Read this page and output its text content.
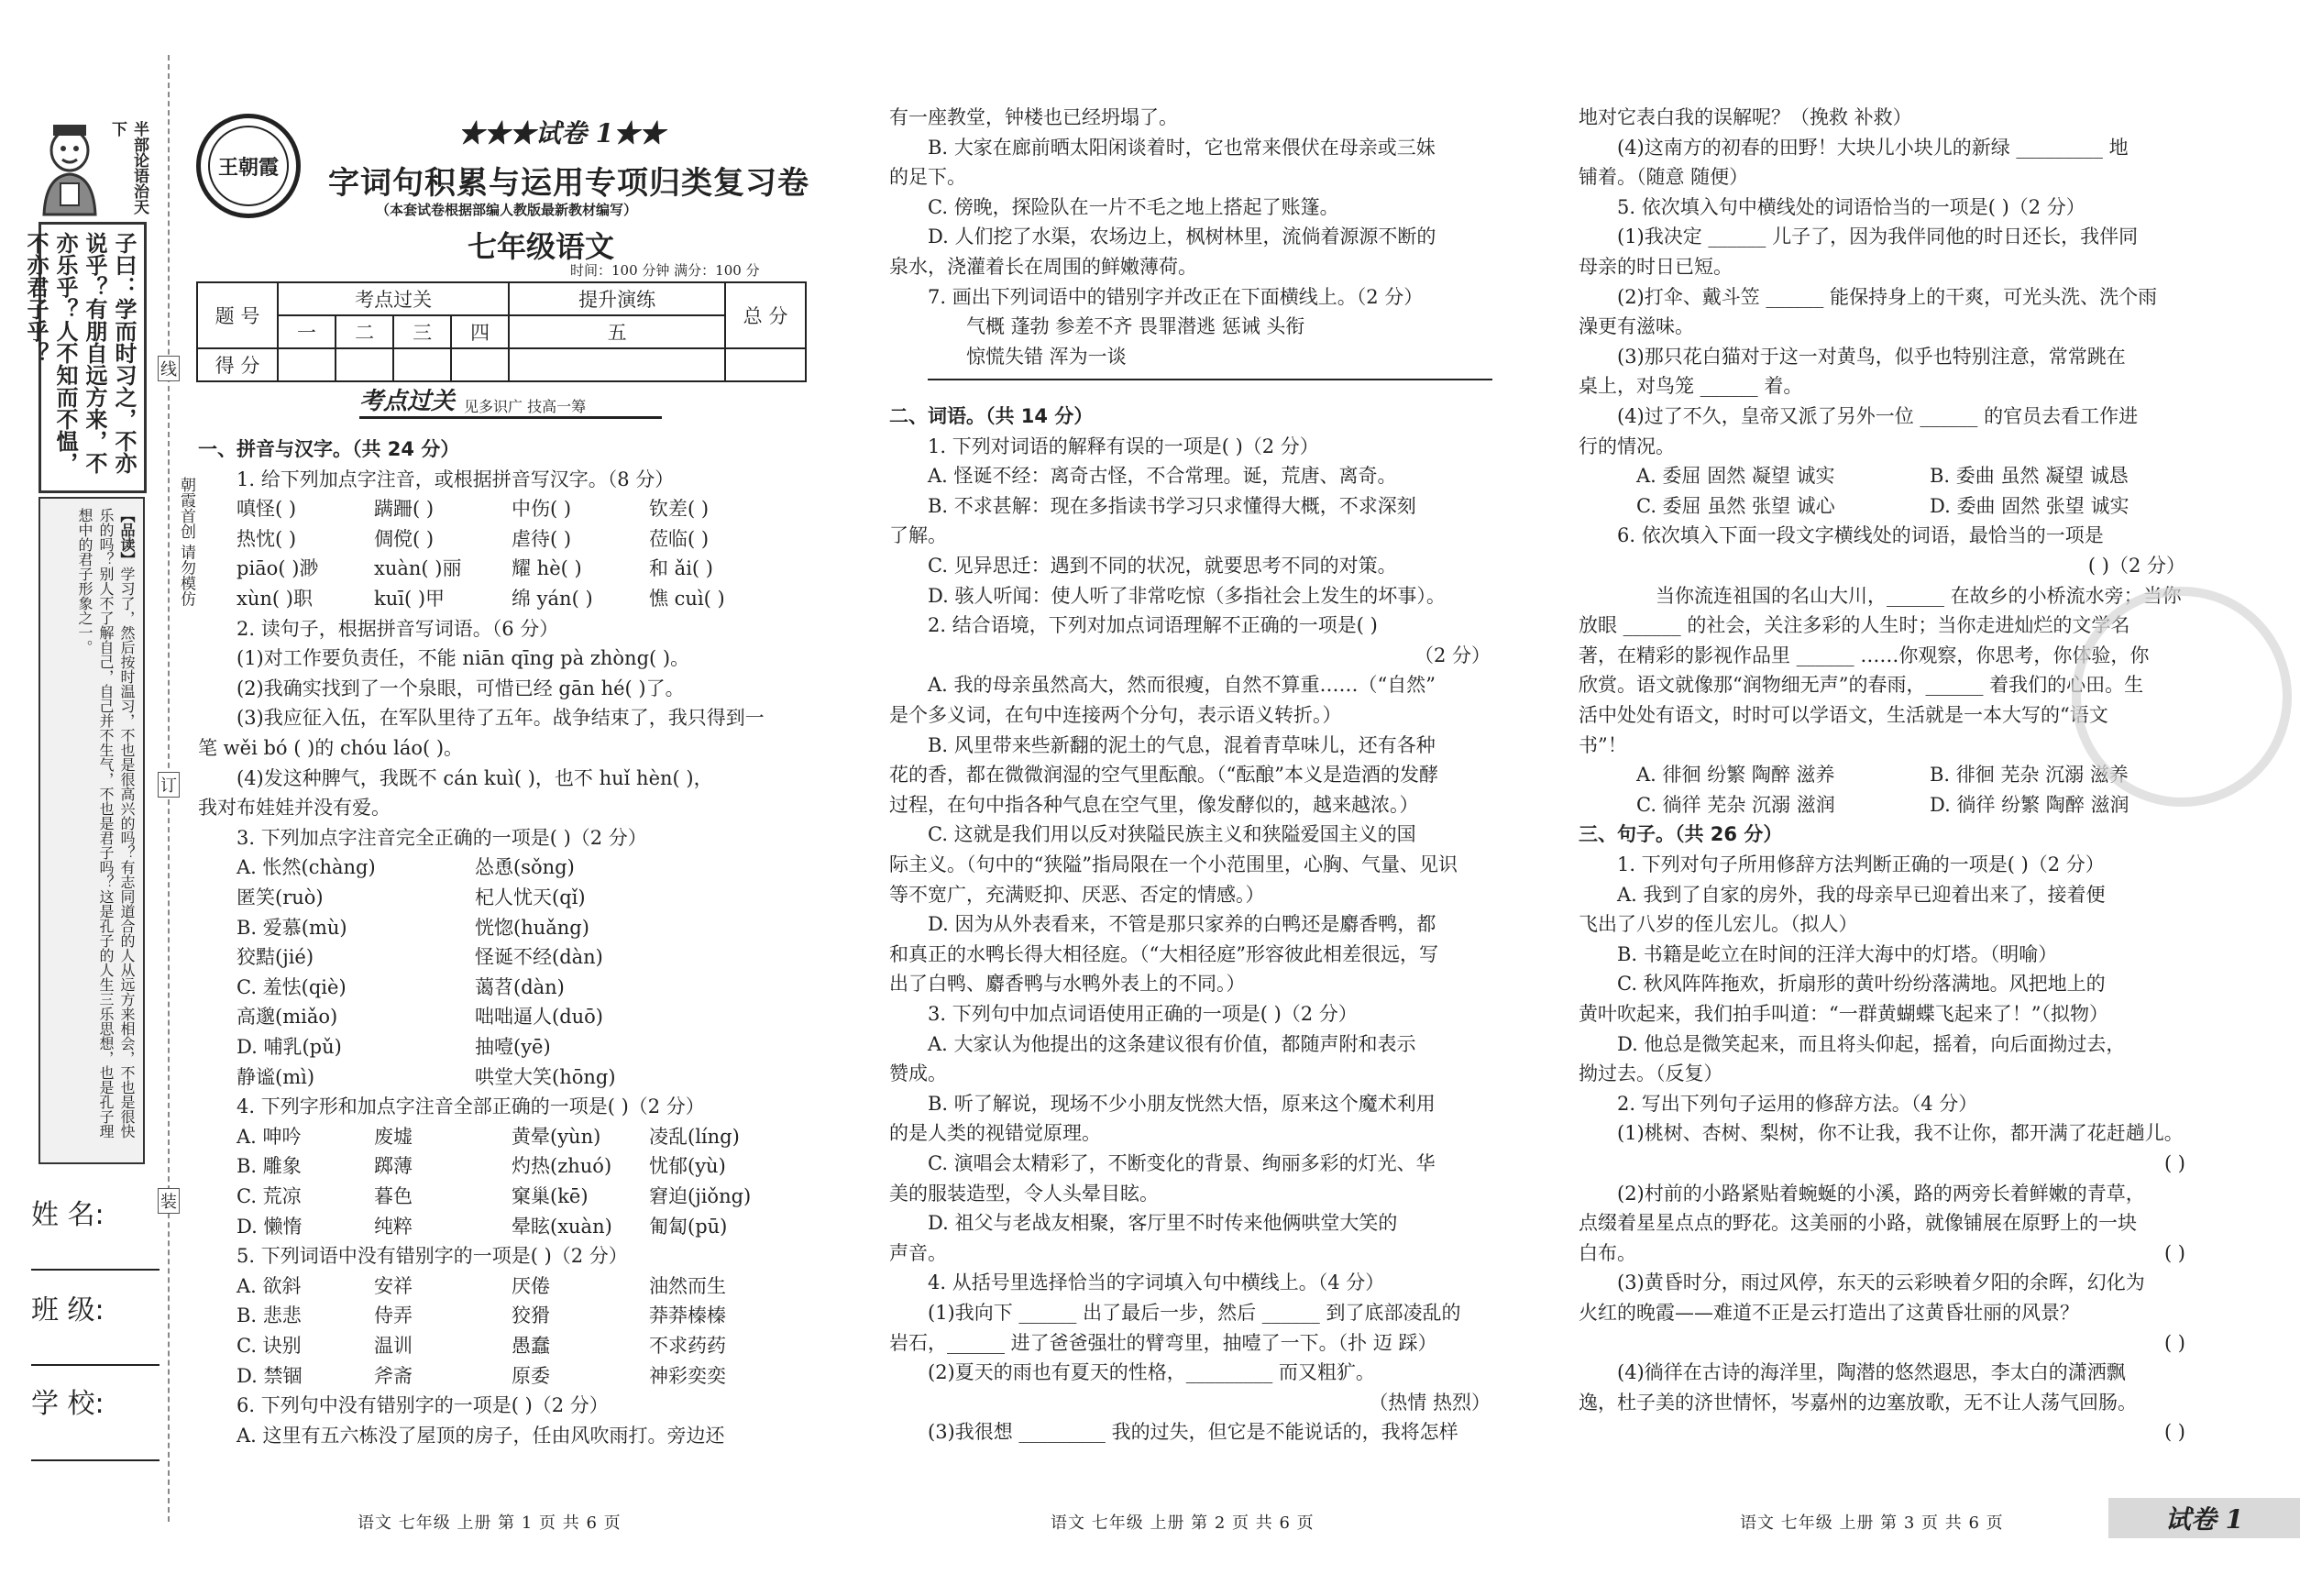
半部论语治天下
子曰：学而时习之，不亦说乎？有朋自远方来，不亦乐乎？人不知而不愠，不亦君子乎？
【品读】学习了，然后按时温习，不也是很高兴的吗？有志同道合的人从远方来相会，不也是很快乐的吗？别人不了解自己，自己并不生气，不也是君子吗？这是孔子的人生三乐思想，也是孔子理想中的君子形象之一。	朝霞首创 请勿模仿
线
订
装
姓 名:
班 级:
学 校:
王朝霞
★★★试卷 1★★
字词句积累与运用专项归类复习卷
（本套试卷根据部编人教版最新教材编写）
七年级语文
时间：100 分钟 满分：100 分
题 号	考点过关				提升演练	总 分
	一	二	三	四	五	
得 分						
考点过关 见多识广 技高一筹
一、拼音与汉字。（共 24 分）
1. 给下列加点字注音，或根据拼音写汉字。（8 分）
嗔怪( )	蹒跚( )	中伤( )	钦差( )
热忱( )	倜傥( )	虐待( )	莅临( )
piāo( )渺	xuàn( )丽	耀 hè( )	和 ǎi( )
xùn( )职	kuī( )甲	绵 yán( )	憔 cuì( )
2. 读句子，根据拼音写词语。（6 分）
(1)对工作要负责任，不能 niān qīng pà zhòng( )。
(2)我确实找到了一个泉眼，可惜已经 gān hé( )了。
(3)我应征入伍，在军队里待了五年。战争结束了，我只得到一
笔 wěi bó ( )的 chóu láo( )。
(4)发这种脾气，我既不 cán kuì( )，也不 huǐ hèn( )，
我对布娃娃并没有爱。
3. 下列加点字注音完全正确的一项是( )（2 分）
A. 怅然(chàng)	怂恿(sǒng)
匿笑(ruò)	杞人忧天(qǐ)
B. 爱慕(mù)	恍惚(huǎng)
狡黠(jié)	怪诞不经(dàn)
C. 羞怯(qiè)	蔼苕(dàn)
高邈(miǎo)	咄咄逼人(duō)
D. 哺乳(pǔ)	抽噎(yē)
静谧(mì)	哄堂大笑(hōng)
4. 下列字形和加点字注音全部正确的一项是( )（2 分）
A. 呻吟	废墟	黄晕(yùn)	凌乱(líng)
B. 雕象	踯薄	灼热(zhuó)	忧郁(yù)
C. 荒凉	暮色	窠巢(kē)	窘迫(jiǒng)
D. 懒惰	纯粹	晕眩(xuàn)	匍匐(pū)
5. 下列词语中没有错别字的一项是( )（2 分）
A. 欲斜	安祥	厌倦	油然而生
B. 悲悲	侍弄	狡猾	莽莽榛榛
C. 诀别	温训	愚蠢	不求药药
D. 禁锢	斧斋	原委	神彩奕奕
6. 下列句中没有错别字的一项是( )（2 分）
A. 这里有五六栋没了屋顶的房子，任由风吹雨打。旁边还
有一座教堂，钟楼也已经坍塌了。
B. 大家在廊前晒太阳闲谈着时，它也常来偎伏在母亲或三妹
的足下。
C. 傍晚，探险队在一片不毛之地上搭起了账篷。
D. 人们挖了水渠，农场边上，枫树林里，流倘着源源不断的
泉水，浇灌着长在周围的鲜嫩薄荷。
7. 画出下列词语中的错别字并改正在下面横线上。（2 分）
气概 蓬勃 参差不齐 畏罪潜逃 惩诫 头衔
惊慌失错 浑为一谈
二、词语。（共 14 分）
1. 下列对词语的解释有误的一项是( )（2 分）
A. 怪诞不经：离奇古怪，不合常理。诞，荒唐、离奇。
B. 不求甚解：现在多指读书学习只求懂得大概，不求深刻
了解。
C. 见异思迁：遇到不同的状况，就要思考不同的对策。
D. 骇人听闻：使人听了非常吃惊（多指社会上发生的坏事）。
2. 结合语境，下列对加点词语理解不正确的一项是( )
（2 分）
A. 我的母亲虽然高大，然而很瘦，自然不算重……（“自然”
是个多义词，在句中连接两个分句，表示语义转折。）
B. 风里带来些新翻的泥土的气息，混着青草味儿，还有各种
花的香，都在微微润湿的空气里酝酿。（“酝酿”本义是造酒的发酵
过程，在句中指各种气息在空气里，像发酵似的，越来越浓。）
C. 这就是我们用以反对狭隘民族主义和狭隘爱国主义的国
际主义。（句中的“狭隘”指局限在一个小范围里，心胸、气量、见识
等不宽广，充满贬抑、厌恶、否定的情感。）
D. 因为从外表看来，不管是那只家养的白鸭还是麝香鸭，都
和真正的水鸭长得大相径庭。（“大相径庭”形容彼此相差很远，写
出了白鸭、麝香鸭与水鸭外表上的不同。）
3. 下列句中加点词语使用正确的一项是( )（2 分）
A. 大家认为他提出的这条建议很有价值，都随声附和表示
赞成。
B. 听了解说，现场不少小朋友恍然大悟，原来这个魔术利用
的是人类的视错觉原理。
C. 演唱会太精彩了，不断变化的背景、绚丽多彩的灯光、华
美的服装造型，令人头晕目眩。
D. 祖父与老战友相聚，客厅里不时传来他俩哄堂大笑的
声音。
4. 从括号里选择恰当的字词填入句中横线上。（4 分）
(1)我向下 ______ 出了最后一步，然后 ______ 到了底部凌乱的
岩石，______ 进了爸爸强壮的臂弯里，抽噎了一下。（扑 迈 踩）
(2)夏天的雨也有夏天的性格，_________ 而又粗犷。
（热情 热烈）
(3)我很想 _________ 我的过失，但它是不能说话的，我将怎样
地对它表白我的误解呢？（挽救 补救）
(4)这南方的初春的田野！大块儿小块儿的新绿 _________ 地
铺着。（随意 随便）
5. 依次填入句中横线处的词语恰当的一项是( )（2 分）
(1)我决定 ______ 儿子了，因为我伴同他的时日还长，我伴同
母亲的时日已短。
(2)打伞、戴斗笠 ______ 能保持身上的干爽，可光头洗、洗个雨
澡更有滋味。
(3)那只花白猫对于这一对黄鸟，似乎也特别注意，常常跳在
桌上，对鸟笼 ______ 着。
(4)过了不久，皇帝又派了另外一位 ______ 的官员去看工作进
行的情况。
A. 委屈 固然 凝望 诚实	B. 委曲 虽然 凝望 诚恳
C. 委屈 虽然 张望 诚心	D. 委曲 固然 张望 诚实
6. 依次填入下面一段文字横线处的词语，最恰当的一项是
( )（2 分）
当你流连祖国的名山大川，______ 在故乡的小桥流水旁；当你
放眼 ______ 的社会，关注多彩的人生时；当你走进灿烂的文学名
著，在精彩的影视作品里 ______ ……你观察，你思考，你体验，你
欣赏。语文就像那“润物细无声”的春雨，______ 着我们的心田。生
活中处处有语文，时时可以学语文，生活就是一本大写的“语文
书”！
A. 徘徊 纷繁 陶醉 滋养	B. 徘徊 芜杂 沉溺 滋养
C. 徜徉 芜杂 沉溺 滋润	D. 徜徉 纷繁 陶醉 滋润
三、句子。（共 26 分）
1. 下列对句子所用修辞方法判断正确的一项是( )（2 分）
A. 我到了自家的房外，我的母亲早已迎着出来了，接着便
飞出了八岁的侄儿宏儿。（拟人）
B. 书籍是屹立在时间的汪洋大海中的灯塔。（明喻）
C. 秋风阵阵拖欢，折扇形的黄叶纷纷落满地。风把地上的
黄叶吹起来，我们拍手叫道：“一群黄蝴蝶飞起来了！”（拟物）
D. 他总是微笑起来，而且将头仰起，摇着，向后面拗过去，
拗过去。（反复）
2. 写出下列句子运用的修辞方法。（4 分）
(1)桃树、杏树、梨树，你不让我，我不让你，都开满了花赶趟儿。
( )
(2)村前的小路紧贴着蜿蜒的小溪，路的两旁长着鲜嫩的青草，
点缀着星星点点的野花。这美丽的小路，就像铺展在原野上的一块
白布。	( )
(3)黄昏时分，雨过风停，东天的云彩映着夕阳的余晖，幻化为
火红的晚霞——难道不正是云打造出了这黄昏壮丽的风景？
( )
(4)徜徉在古诗的海洋里，陶潜的悠然遐思，李太白的潇洒飘
逸，杜子美的济世情怀，岑嘉州的边塞放歌，无不让人荡气回肠。
( )
语文 七年级 上册 第 1 页 共 6 页	语文 七年级 上册 第 2 页 共 6 页	语文 七年级 上册 第 3 页 共 6 页	试卷 1
